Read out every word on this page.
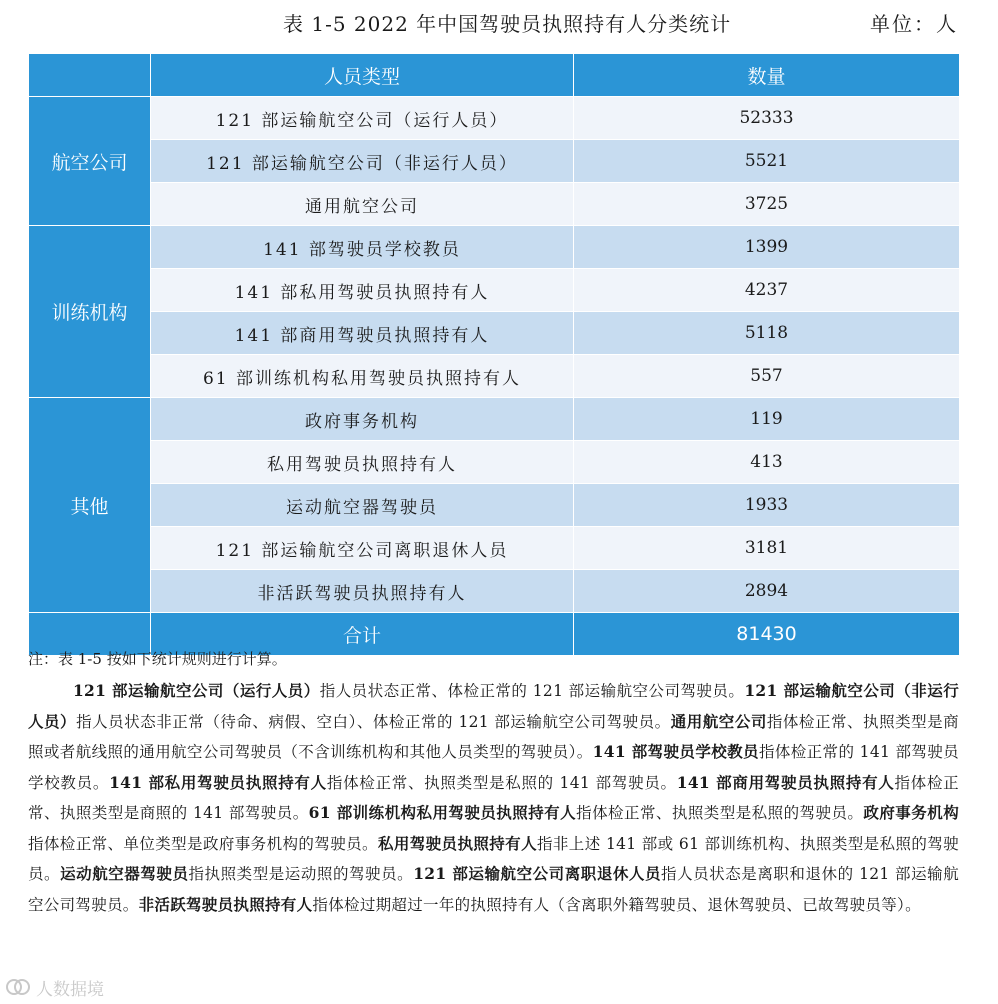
表 1-5 2022 年中国驾驶员执照持有人分类统计	单位：人
	人员类型	数量
航空公司	121 部运输航空公司（运行人员）	52333
	121 部运输航空公司（非运行人员）	5521
	通用航空公司	3725
训练机构	141 部驾驶员学校教员	1399
	141 部私用驾驶员执照持有人	4237
	141 部商用驾驶员执照持有人	5118
	61 部训练机构私用驾驶员执照持有人	557
其他	政府事务机构	119
	私用驾驶员执照持有人	413
	运动航空器驾驶员	1933
	121 部运输航空公司离职退休人员	3181
	非活跃驾驶员执照持有人	2894
	合计	81430
注：表 1-5 按如下统计规则进行计算。
121 部运输航空公司（运行人员）指人员状态正常、体检正常的 121 部运输航空公司驾驶员。121 部运输航空公司（非运行人员）指人员状态非正常（待命、病假、空白）、体检正常的 121 部运输航空公司驾驶员。通用航空公司指体检正常、执照类型是商照或者航线照的通用航空公司驾驶员（不含训练机构和其他人员类型的驾驶员）。141 部驾驶员学校教员指体检正常的 141 部驾驶员学校教员。141 部私用驾驶员执照持有人指体检正常、执照类型是私照的 141 部驾驶员。141 部商用驾驶员执照持有人指体检正常、执照类型是商照的 141 部驾驶员。61 部训练机构私用驾驶员执照持有人指体检正常、执照类型是私照的驾驶员。政府事务机构指体检正常、单位类型是政府事务机构的驾驶员。私用驾驶员执照持有人指非上述 141 部或 61 部训练机构、执照类型是私照的驾驶员。运动航空器驾驶员指执照类型是运动照的驾驶员。121 部运输航空公司离职退休人员指人员状态是离职和退休的 121 部运输航空公司驾驶员。非活跃驾驶员执照持有人指体检过期超过一年的执照持有人（含离职外籍驾驶员、退休驾驶员、已故驾驶员等）。
人数据境
